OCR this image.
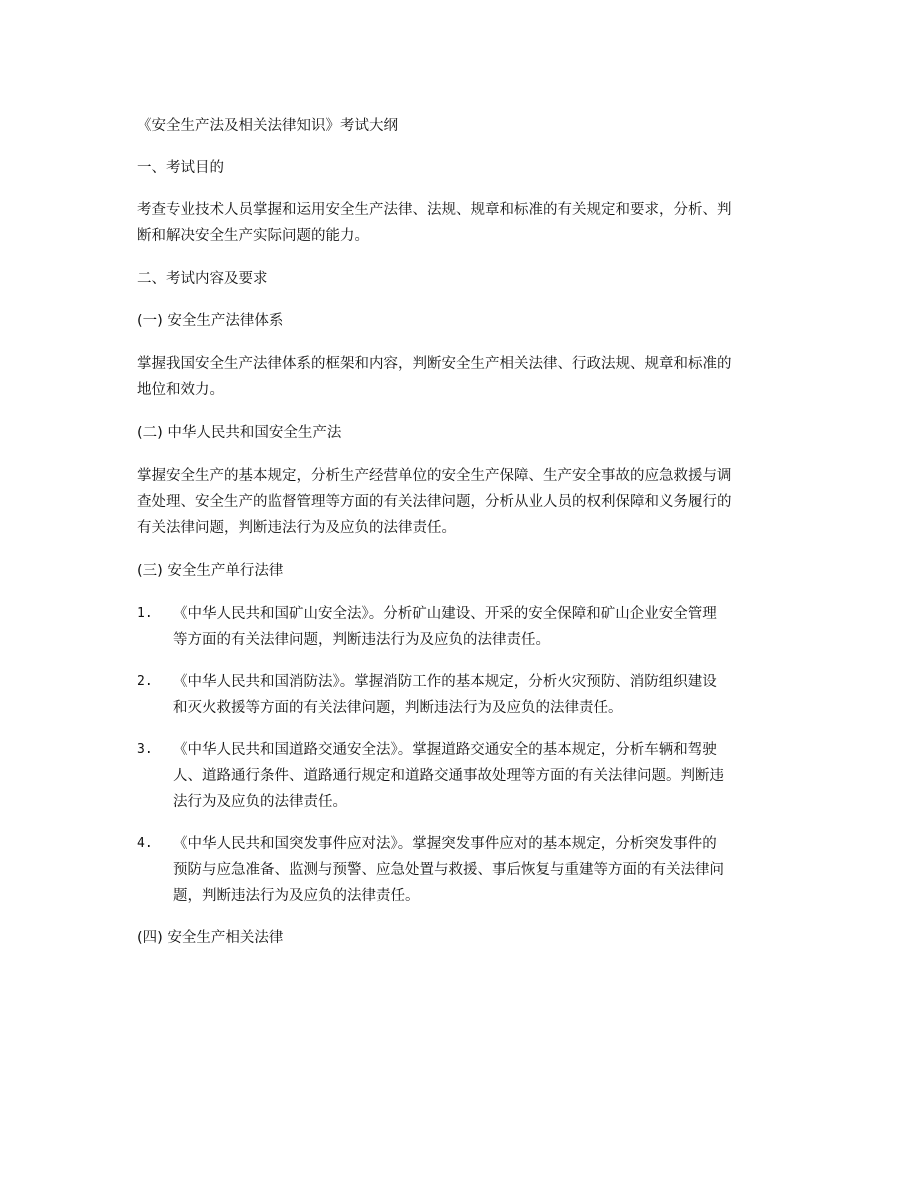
《安全生产法及相关法律知识》考试大纲
一、考试目的
考查专业技术人员掌握和运用安全生产法律、法规、规章和标准的有关规定和要求，分析、判
断和解决安全生产实际问题的能力。
二、考试内容及要求
(一) 安全生产法律体系
掌握我国安全生产法律体系的框架和内容，判断安全生产相关法律、行政法规、规章和标准的
地位和效力。
(二) 中华人民共和国安全生产法
掌握安全生产的基本规定，分析生产经营单位的安全生产保障、生产安全事故的应急救援与调
查处理、安全生产的监督管理等方面的有关法律问题，分析从业人员的权利保障和义务履行的
有关法律问题，判断违法行为及应负的法律责任。
(三) 安全生产单行法律
1.	《中华人民共和国矿山安全法》。分析矿山建设、开采的安全保障和矿山企业安全管理
等方面的有关法律问题，判断违法行为及应负的法律责任。
2.	《中华人民共和国消防法》。掌握消防工作的基本规定，分析火灾预防、消防组织建设
和灭火救援等方面的有关法律问题，判断违法行为及应负的法律责任。
3.	《中华人民共和国道路交通安全法》。掌握道路交通安全的基本规定，分析车辆和驾驶
人、道路通行条件、道路通行规定和道路交通事故处理等方面的有关法律问题。判断违
法行为及应负的法律责任。
4.	《中华人民共和国突发事件应对法》。掌握突发事件应对的基本规定，分析突发事件的
预防与应急准备、监测与预警、应急处置与救援、事后恢复与重建等方面的有关法律问
题，判断违法行为及应负的法律责任。
(四) 安全生产相关法律
